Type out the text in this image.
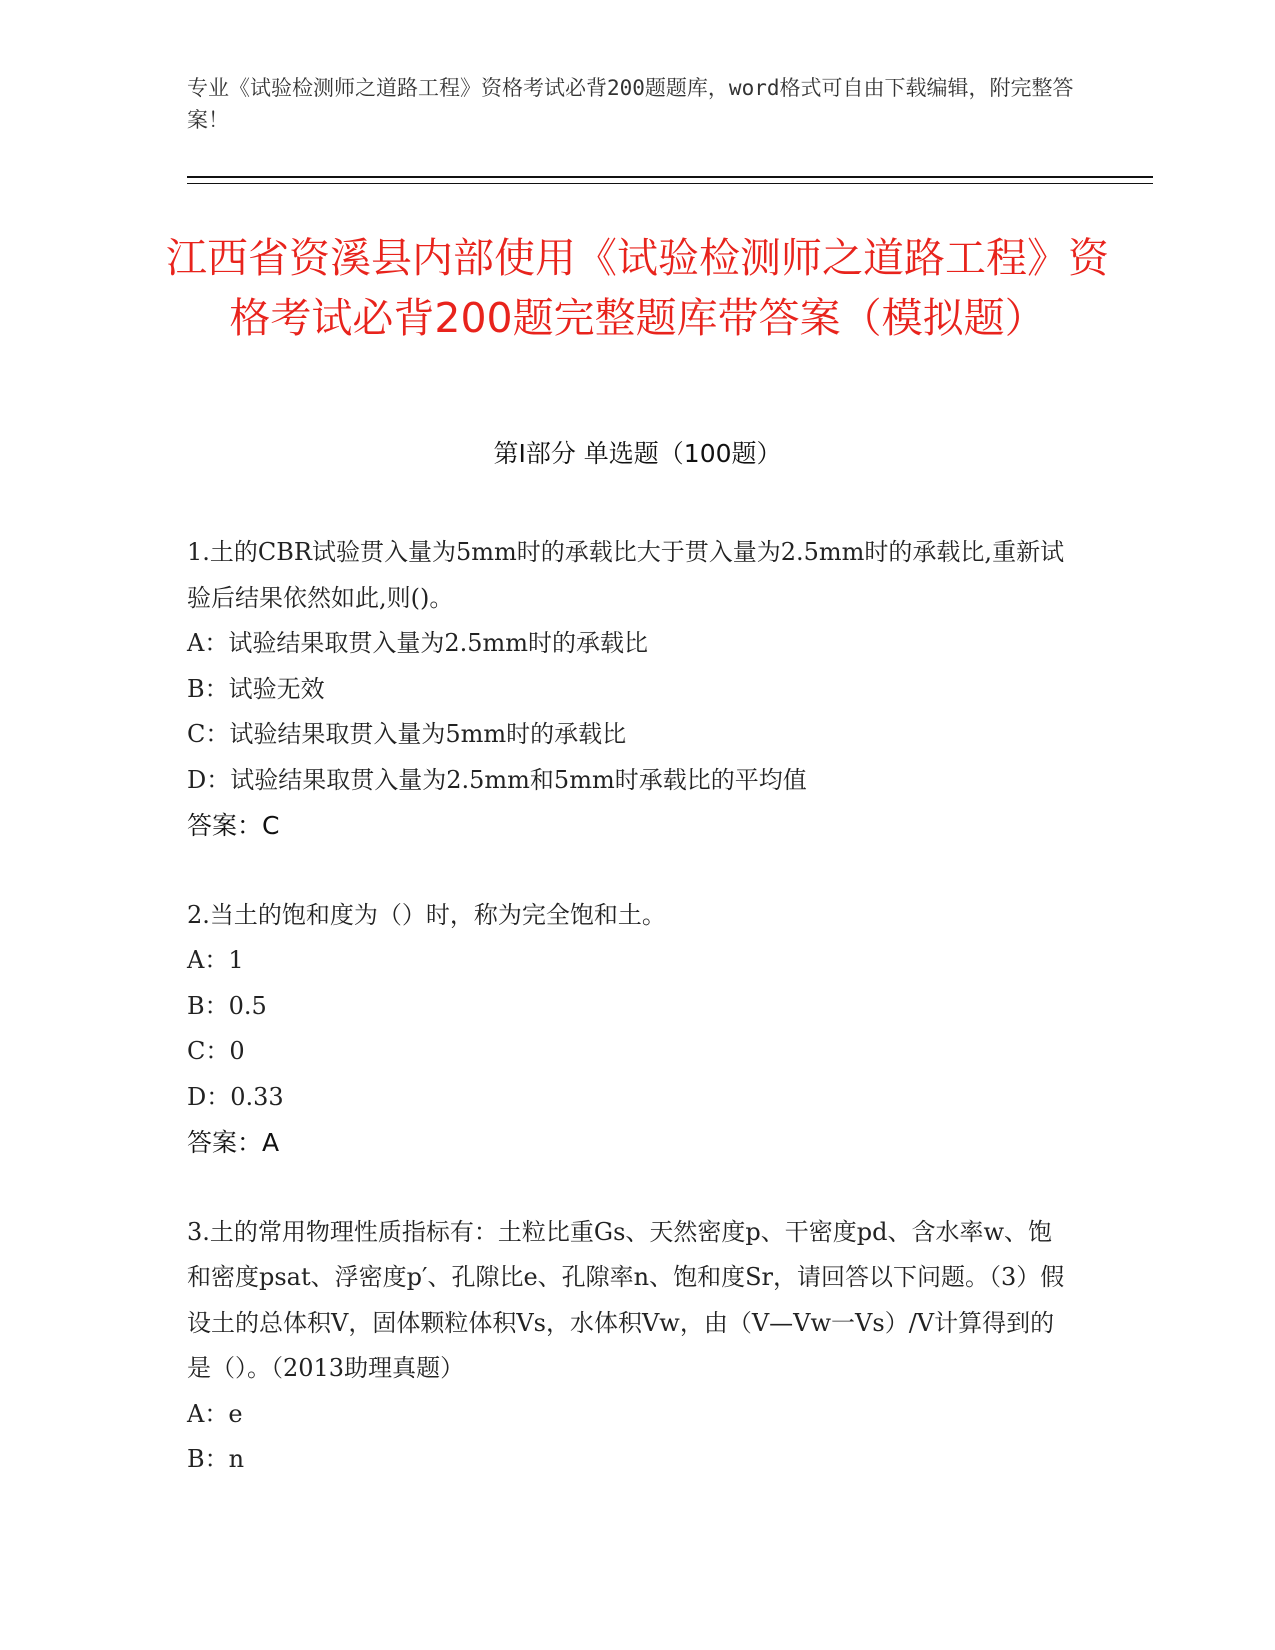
专业《试验检测师之道路工程》资格考试必背200题题库，word格式可自由下载编辑，附完整答案！
江西省资溪县内部使用《试验检测师之道路工程》资格考试必背200题完整题库带答案（模拟题）
第Ⅰ部分 单选题（100题）
1.土的CBR试验贯入量为5mm时的承载比大于贯入量为2.5mm时的承载比,重新试验后结果依然如此,则()。
A：试验结果取贯入量为2.5mm时的承载比
B：试验无效
C：试验结果取贯入量为5mm时的承载比
D：试验结果取贯入量为2.5mm和5mm时承载比的平均值
答案：C
2.当土的饱和度为（）时，称为完全饱和土。
A：1
B：0.5
C：0
D：0.33
答案：A
3.土的常用物理性质指标有：土粒比重Gs、天然密度p、干密度pd、含水率w、饱和密度psat、浮密度p′、孔隙比e、孔隙率n、饱和度Sr，请回答以下问题。（3）假设土的总体积V，固体颗粒体积Vs，水体积Vw，由（V—Vw一Vs）/V计算得到的是（）。（2013助理真题）
A：e
B：n
